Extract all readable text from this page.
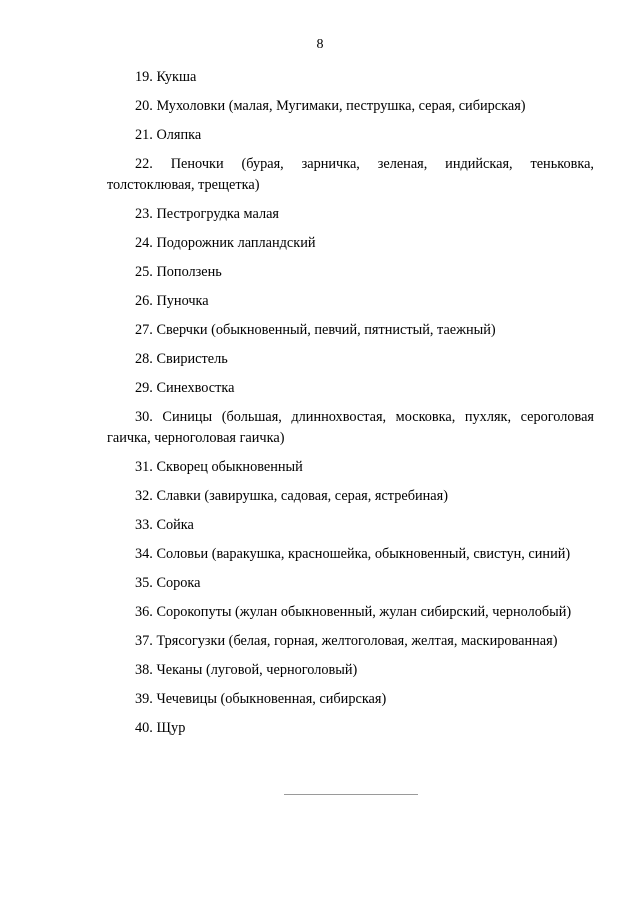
8

19. Кукша

20. Мухоловки (малая, Мугимаки, пеструшка, серая, сибирская)

21. Оляпка

22. Пеночки (бурая, зарничка, зеленая, индийская, теньковка, толстоклювая, трещетка)

23. Пестрогрудка малая

24. Подорожник лапландский

25. Поползень

26. Пуночка

27. Сверчки (обыкновенный, певчий, пятнистый, таежный)

28. Свиристель

29. Синехвостка

30. Синицы (большая, длиннохвостая, московка, пухляк, сероголовая гаичка, черноголовая гаичка)

31. Скворец обыкновенный

32. Славки (завирушка, садовая, серая, ястребиная)

33. Сойка

34. Соловьи (варакушка, красношейка, обыкновенный, свистун, синий)

35. Сорока

36. Сорокопуты (жулан обыкновенный, жулан сибирский, чернолобый)

37. Трясогузки (белая, горная, желтоголовая, желтая, маскированная)

38. Чеканы (луговой, черноголовый)

39. Чечевицы (обыкновенная, сибирская)

40. Щур
